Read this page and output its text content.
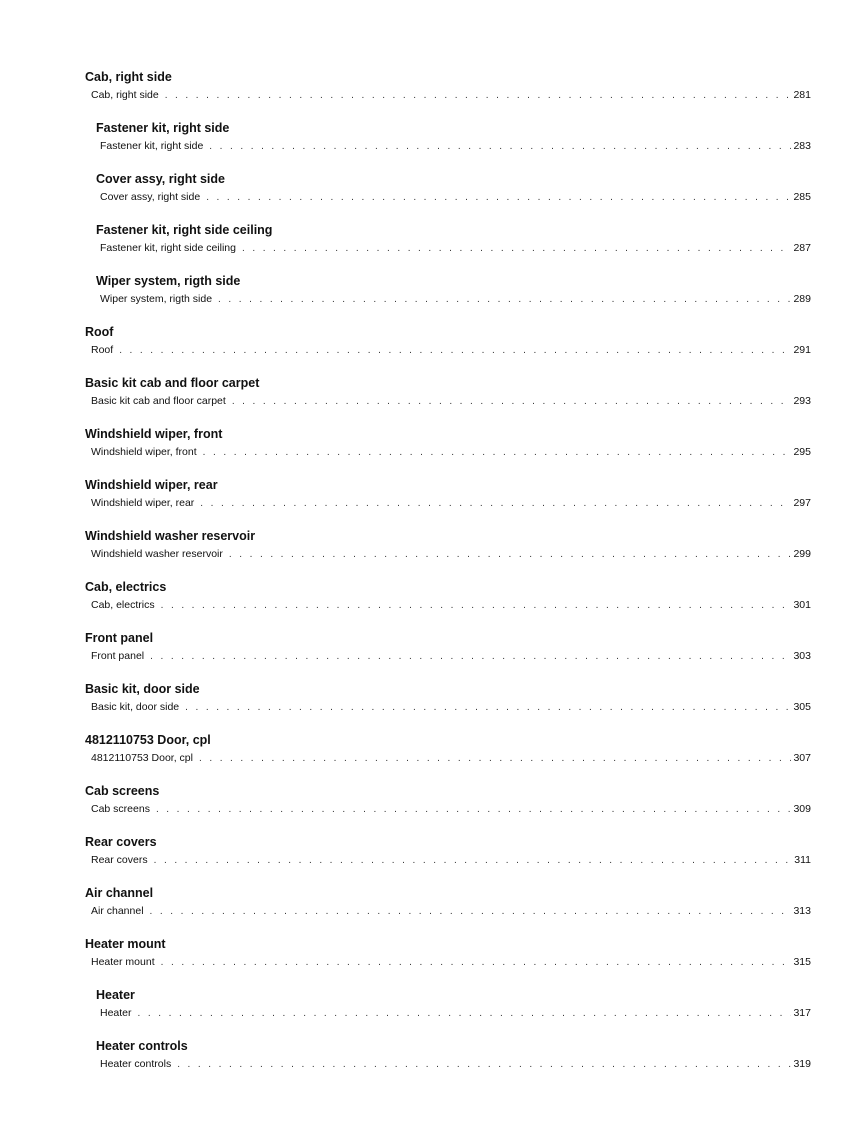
Cab, right side
Cab, right side . . .	281
Fastener kit, right side
Fastener kit, right side . . .	283
Cover assy, right side
Cover assy, right side . . .	285
Fastener kit, right side ceiling
Fastener kit, right side ceiling . . .	287
Wiper system, rigth side
Wiper system, rigth side . . .	289
Roof
Roof . . .	291
Basic kit cab and floor carpet
Basic kit cab and floor carpet . . .	293
Windshield wiper, front
Windshield wiper, front . . .	295
Windshield wiper, rear
Windshield wiper, rear . . .	297
Windshield washer reservoir
Windshield washer reservoir . . .	299
Cab, electrics
Cab, electrics . . .	301
Front panel
Front panel . . .	303
Basic kit, door side
Basic kit, door side . . .	305
4812110753 Door, cpl
4812110753 Door, cpl . . .	307
Cab screens
Cab screens . . .	309
Rear covers
Rear covers . . .	311
Air channel
Air channel . . .	313
Heater mount
Heater mount . . .	315
Heater
Heater . . .	317
Heater controls
Heater controls . . .	319
